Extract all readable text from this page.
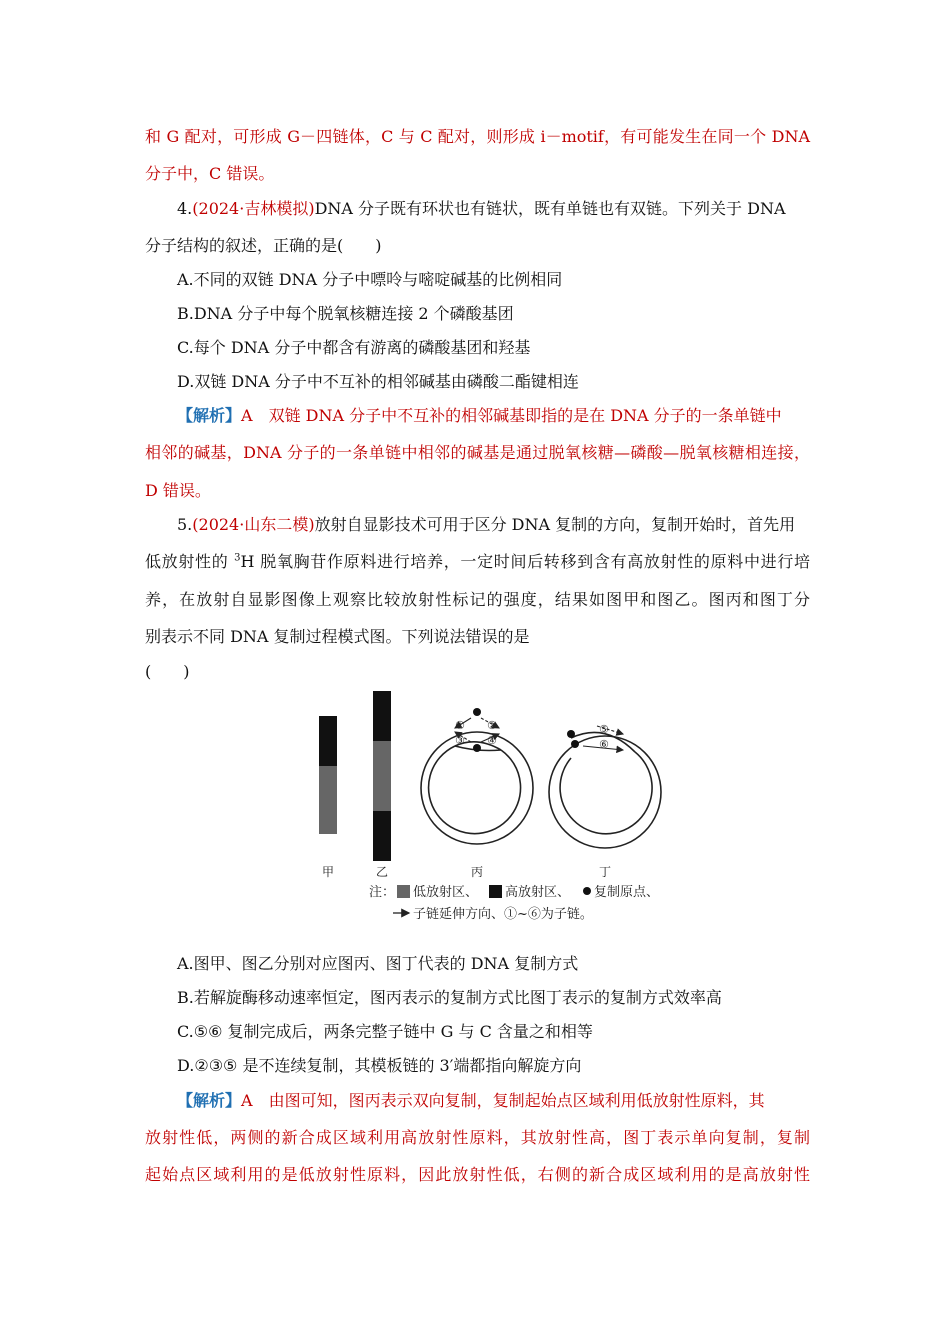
和 G 配对，可形成 G－四链体，C 与 C 配对，则形成 i－motif，有可能发生在同一个 DNA
分子中，C 错误。
4.(2024·吉林模拟)DNA 分子既有环状也有链状，既有单链也有双链。下列关于 DNA
分子结构的叙述，正确的是(　　)
A.不同的双链 DNA 分子中嘌呤与嘧啶碱基的比例相同
B.DNA 分子中每个脱氧核糖连接 2 个磷酸基团
C.每个 DNA 分子中都含有游离的磷酸基团和羟基
D.双链 DNA 分子中不互补的相邻碱基由磷酸二酯键相连
【解析】A　双链 DNA 分子中不互补的相邻碱基即指的是在 DNA 分子的一条单链中
相邻的碱基，DNA 分子的一条单链中相邻的碱基是通过脱氧核糖—磷酸—脱氧核糖相连接，
D 错误。
5.(2024·山东二模)放射自显影技术可用于区分 DNA 复制的方向，复制开始时，首先用
低放射性的 $^3$H 脱氧胸苷作原料进行培养，一定时间后转移到含有高放射性的原料中进行培
养，在放射自显影图像上观察比较放射性标记的强度，结果如图甲和图乙。图丙和图丁分
别表示不同 DNA 复制过程模式图。下列说法错误的是
(　　)
① ②
③ ④
⑤
⑥
甲	乙	丙	丁
注： 低放射区、 高放射区、 复制原点、
子链延伸方向、①~⑥为子链。
A.图甲、图乙分别对应图丙、图丁代表的 DNA 复制方式
B.若解旋酶移动速率恒定，图丙表示的复制方式比图丁表示的复制方式效率高
C.⑤⑥ 复制完成后，两条完整子链中 G 与 C 含量之和相等
D.②③⑤ 是不连续复制，其模板链的 3′端都指向解旋方向
【解析】A　由图可知，图丙表示双向复制，复制起始点区域利用低放射性原料，其
放射性低，两侧的新合成区域利用高放射性原料，其放射性高，图丁表示单向复制，复制
起始点区域利用的是低放射性原料，因此放射性低，右侧的新合成区域利用的是高放射性
